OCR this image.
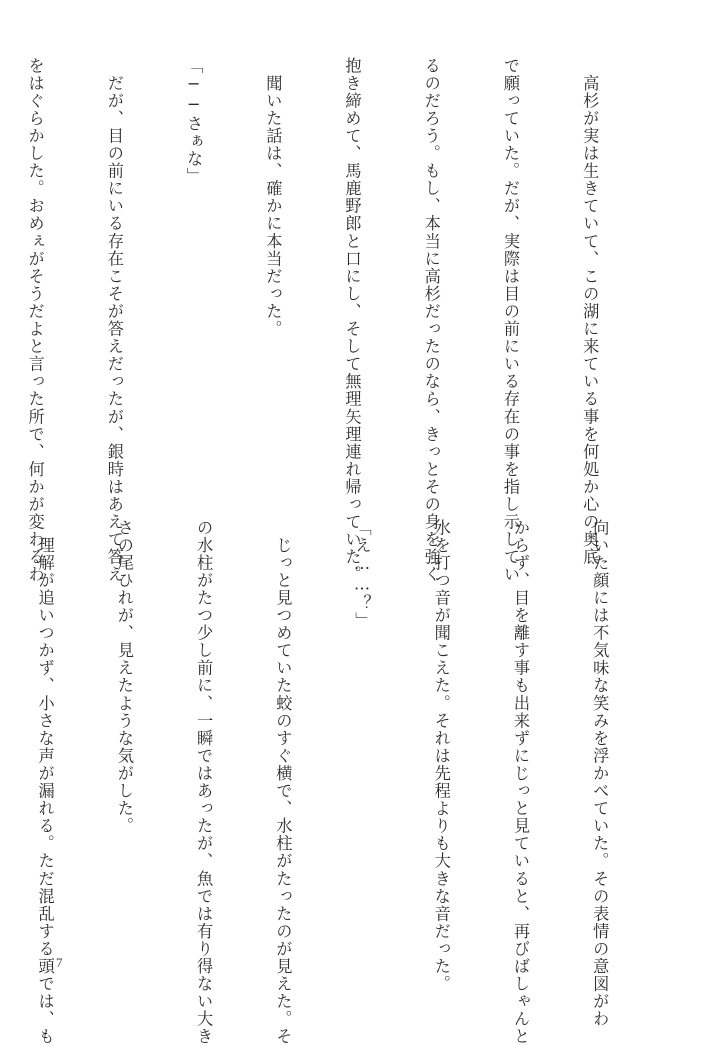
　高杉が実は生きていて、この湖に来ている事を何処か心の奥底

で願っていた。だが、実際は目の前にいる存在の事を指し示してい

るのだろう。もし、本当に高杉だったのなら、きっとその身を強く

抱き締めて、馬鹿野郎と口にし、そして無理矢理連れ帰っていた。

　聞いた話は、確かに本当だった。

「──さぁな」

　だが、目の前にいる存在こそが答えだったが、銀時はあえて答え

をはぐらかした。おめぇがそうだよと言った所で、何かが変わるわ

向いた顔には不気味な笑みを浮かべていた。その表情の意図がわ

からず、目を離す事も出来ずにじっと見ていると、再びばしゃんと

水を打つ音が聞こえた。それは先程よりも大きな音だった。

「え……？」

　じっと見つめていた蛟のすぐ横で、水柱がたったのが見えた。そ

の水柱がたつ少し前に、一瞬ではあったが、魚では有り得ない大き

さの尾ひれが、見えたような気がした。

　理解が追いつかず、小さな声が漏れる。ただ混乱する頭では、も

7
